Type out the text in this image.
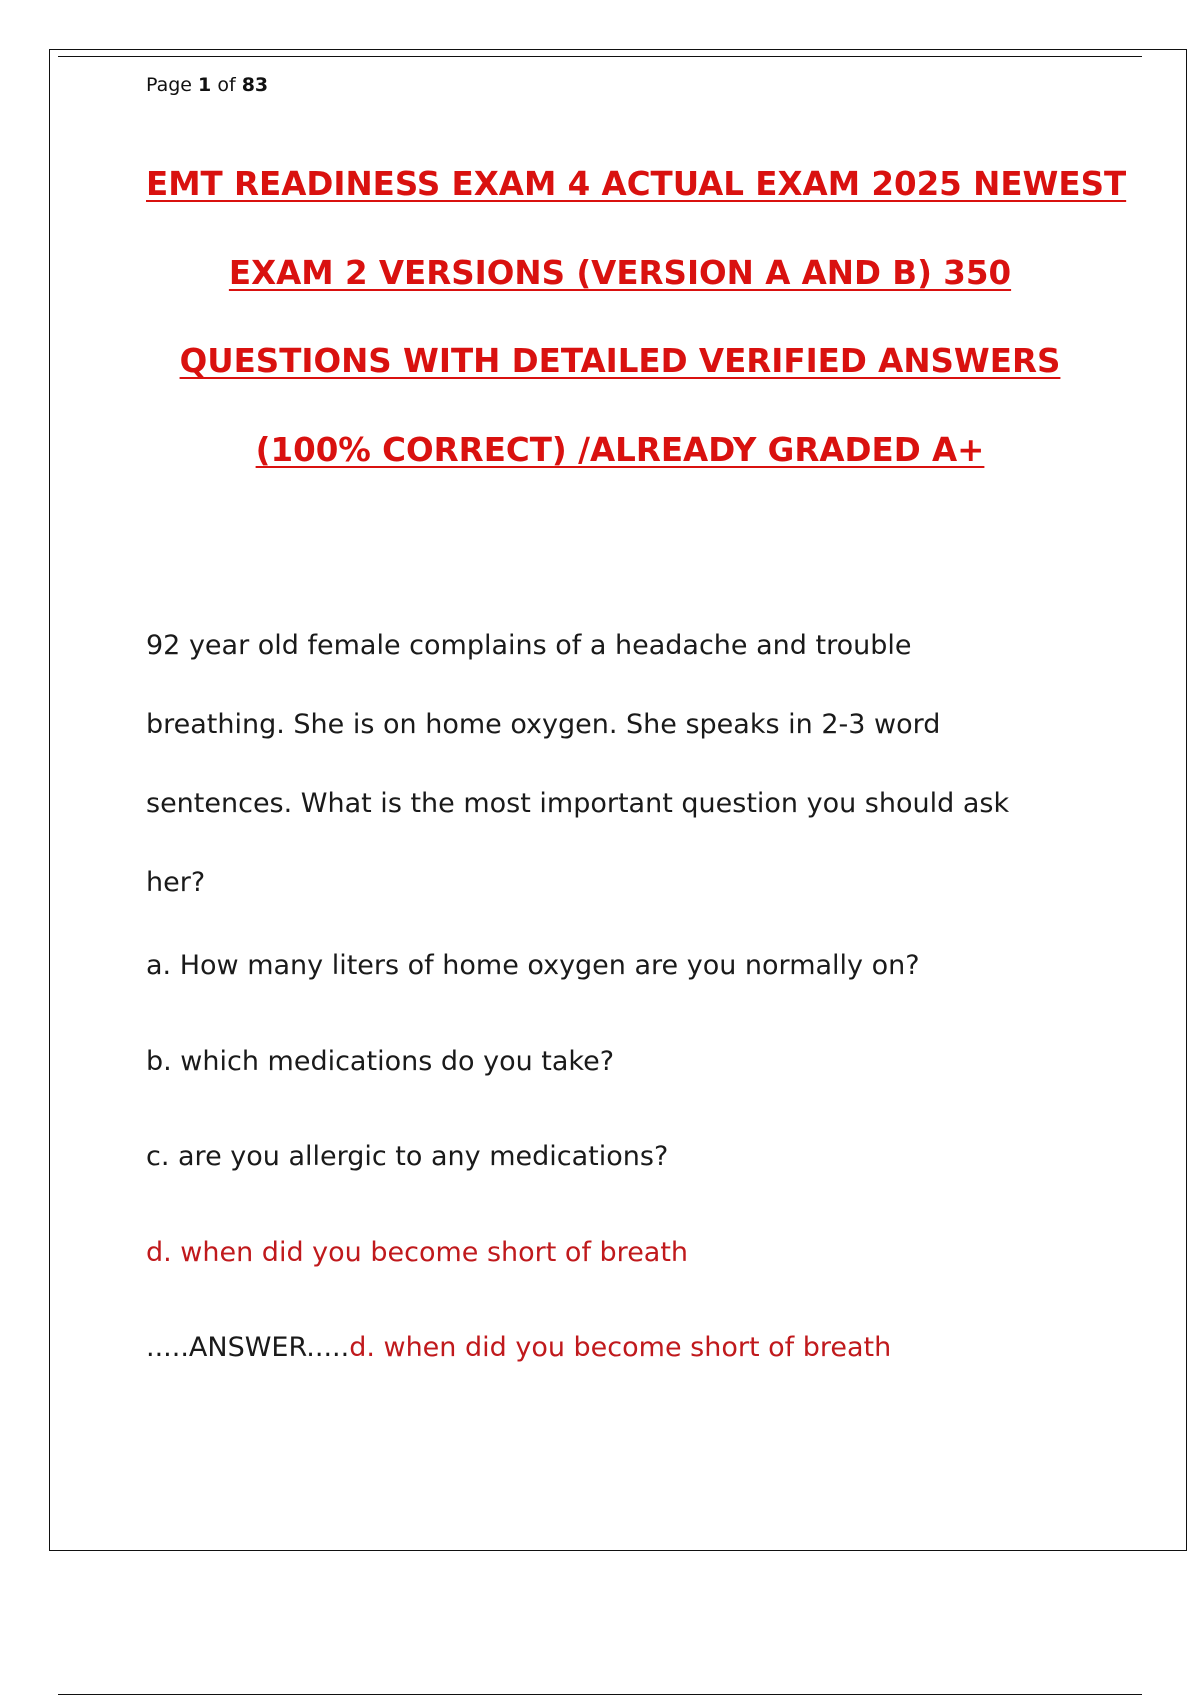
Page 1 of 83
EMT READINESS EXAM 4 ACTUAL EXAM 2025 NEWEST
EXAM 2 VERSIONS (VERSION A AND B) 350
QUESTIONS WITH DETAILED VERIFIED ANSWERS
(100% CORRECT) /ALREADY GRADED A+
92 year old female complains of a headache and trouble
breathing. She is on home oxygen. She speaks in 2-3 word
sentences. What is the most important question you should ask
her?
a. How many liters of home oxygen are you normally on?
b. which medications do you take?
c. are you allergic to any medications?
d. when did you become short of breath
.....ANSWER.....d. when did you become short of breath
